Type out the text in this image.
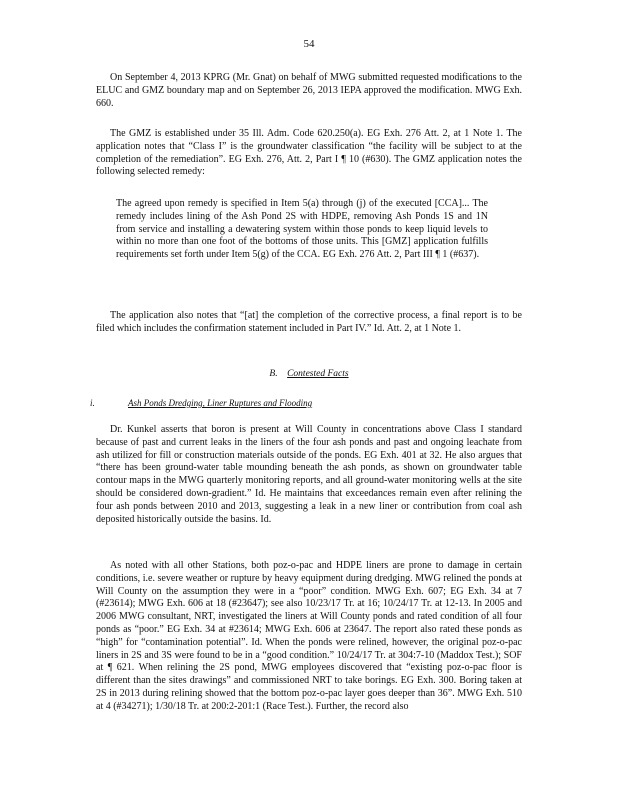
54

On September 4, 2013 KPRG (Mr. Gnat) on behalf of MWG submitted requested modifications to the ELUC and GMZ boundary map and on September 26, 2013 IEPA approved the modification. MWG Exh. 660.

The GMZ is established under 35 Ill. Adm. Code 620.250(a). EG Exh. 276 Att. 2, at 1 Note 1. The application notes that “Class I” is the groundwater classification “the facility will be subject to at the completion of the remediation”. EG Exh. 276, Att. 2, Part I ¶ 10 (#630). The GMZ application notes the following selected remedy:

The agreed upon remedy is specified in Item 5(a) through (j) of the executed [CCA]... The remedy includes lining of the Ash Pond 2S with HDPE, removing Ash Ponds 1S and 1N from service and installing a dewatering system within those ponds to keep liquid levels to within no more than one foot of the bottoms of those units. This [GMZ] application fulfills requirements set forth under Item 5(g) of the CCA. EG Exh. 276 Att. 2, Part III ¶ 1 (#637).

The application also notes that “[at] the completion of the corrective process, a final report is to be filed which includes the confirmation statement included in Part IV.” Id. Att. 2, at 1 Note 1.

B. Contested Facts
i.	Ash Ponds Dredging, Liner Ruptures and Flooding

Dr. Kunkel asserts that boron is present at Will County in concentrations above Class I standard because of past and current leaks in the liners of the four ash ponds and past and ongoing leachate from ash utilized for fill or construction materials outside of the ponds. EG Exh. 401 at 32. He also argues that “there has been ground-water table mounding beneath the ash ponds, as shown on groundwater table contour maps in the MWG quarterly monitoring reports, and all ground-water monitoring wells at the site should be considered down-gradient.” Id. He maintains that exceedances remain even after relining the four ash ponds between 2010 and 2013, suggesting a leak in a new liner or contribution from coal ash deposited historically outside the basins. Id.

As noted with all other Stations, both poz-o-pac and HDPE liners are prone to damage in certain conditions, i.e. severe weather or rupture by heavy equipment during dredging. MWG relined the ponds at Will County on the assumption they were in a “poor” condition. MWG Exh. 607; EG Exh. 34 at 7 (#23614); MWG Exh. 606 at 18 (#23647); see also 10/23/17 Tr. at 16; 10/24/17 Tr. at 12-13. In 2005 and 2006 MWG consultant, NRT, investigated the liners at Will County ponds and rated condition of all four ponds as “poor.” EG Exh. 34 at #23614; MWG Exh. 606 at 23647. The report also rated these ponds as “high” for “contamination potential”. Id. When the ponds were relined, however, the original poz-o-pac liners in 2S and 3S were found to be in a “good condition.” 10/24/17 Tr. at 304:7-10 (Maddox Test.); SOF at ¶ 621. When relining the 2S pond, MWG employees discovered that “existing poz-o-pac floor is different than the sites drawings” and commissioned NRT to take borings. EG Exh. 300. Boring taken at 2S in 2013 during relining showed that the bottom poz-o-pac layer goes deeper than 36”. MWG Exh. 510 at 4 (#34271); 1/30/18 Tr. at 200:2-201:1 (Race Test.). Further, the record also
